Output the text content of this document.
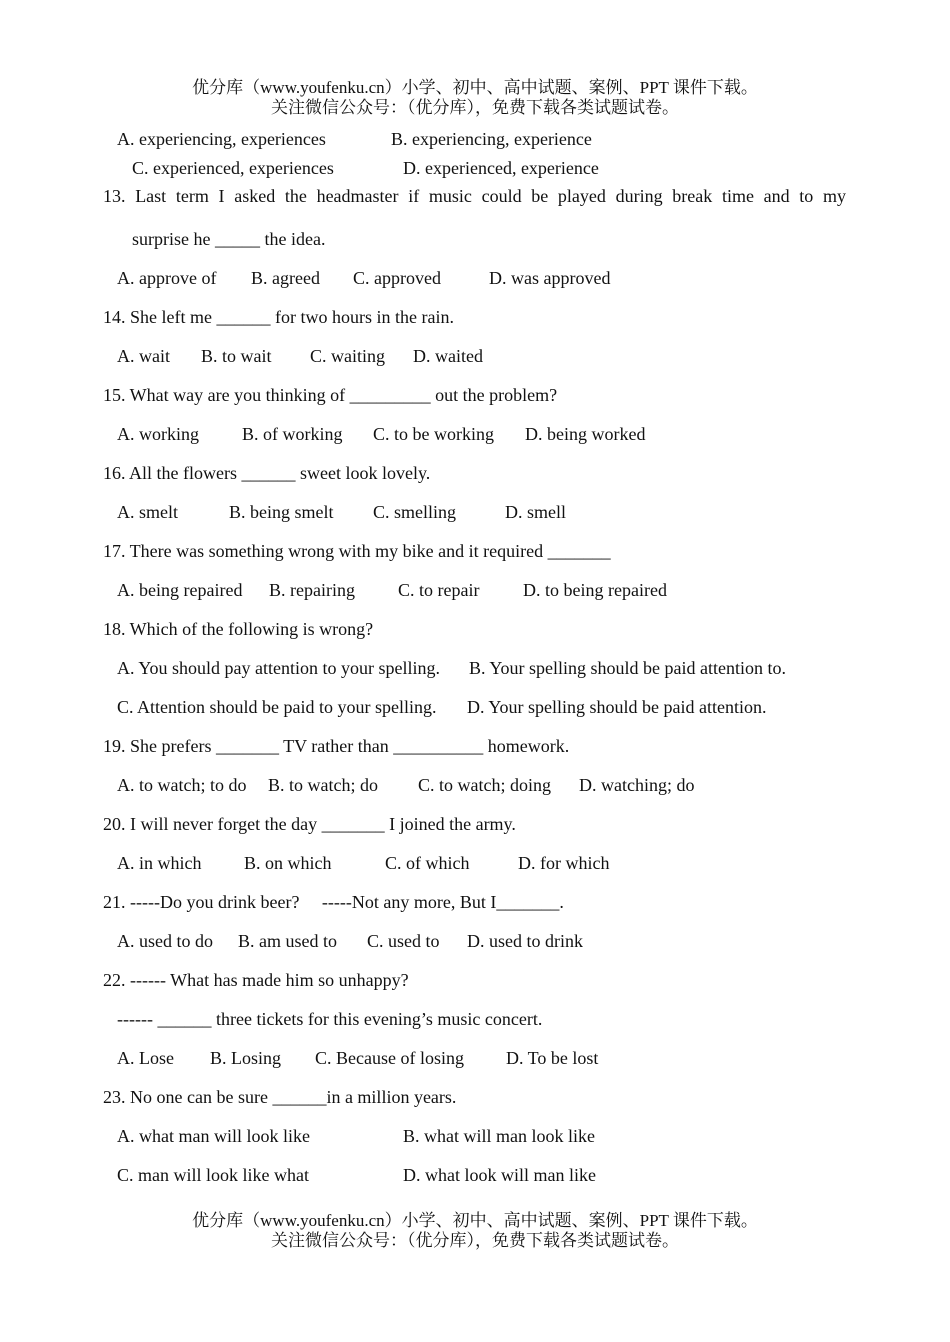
优分库（www.youfenku.cn）小学、初中、高中试题、案例、PPT 课件下载。
关注微信公众号：（优分库），免费下载各类试题试卷。
A. experiencing, experiences	B. experiencing, experience
C. experienced, experiences	D. experienced, experience
13. Last term I asked the headmaster if music could be played during break time and to my
surprise he _____ the idea.
A. approve of B. agreed C. approved	D. was approved
14. She left me ______ for two hours in the rain.
A. wait B. to wait C. waiting D. waited
15. What way are you thinking of _________ out the problem?
A. working B. of working C. to be working D. being worked
16. All the flowers ______ sweet look lovely.
A. smelt	B. being smelt C. smelling	D. smell
17. There was something wrong with my bike and it required _______
A. being repaired B. repairing C. to repair D. to being repaired
18. Which of the following is wrong?
A. You should pay attention to your spelling. B. Your spelling should be paid attention to.
C. Attention should be paid to your spelling. D. Your spelling should be paid attention.
19. She prefers _______ TV rather than __________ homework.
A. to watch; to do B. to watch; do C. to watch; doing D. watching; do
20. I will never forget the day _______ I joined the army.
A. in which B. on which	C. of which	D. for which
21. -----Do you drink beer?     -----Not any more, But I_______.
A. used to do B. am used to C. used to D. used to drink
22. ------ What has made him so unhappy?
------ ______ three tickets for this evening’s music concert.
A. Lose B. Losing C. Because of losing D. To be lost
23. No one can be sure ______in a million years.
A. what man will look like	B. what will man look like
C. man will look like what	D. what look will man like
优分库（www.youfenku.cn）小学、初中、高中试题、案例、PPT 课件下载。
关注微信公众号：（优分库），免费下载各类试题试卷。
